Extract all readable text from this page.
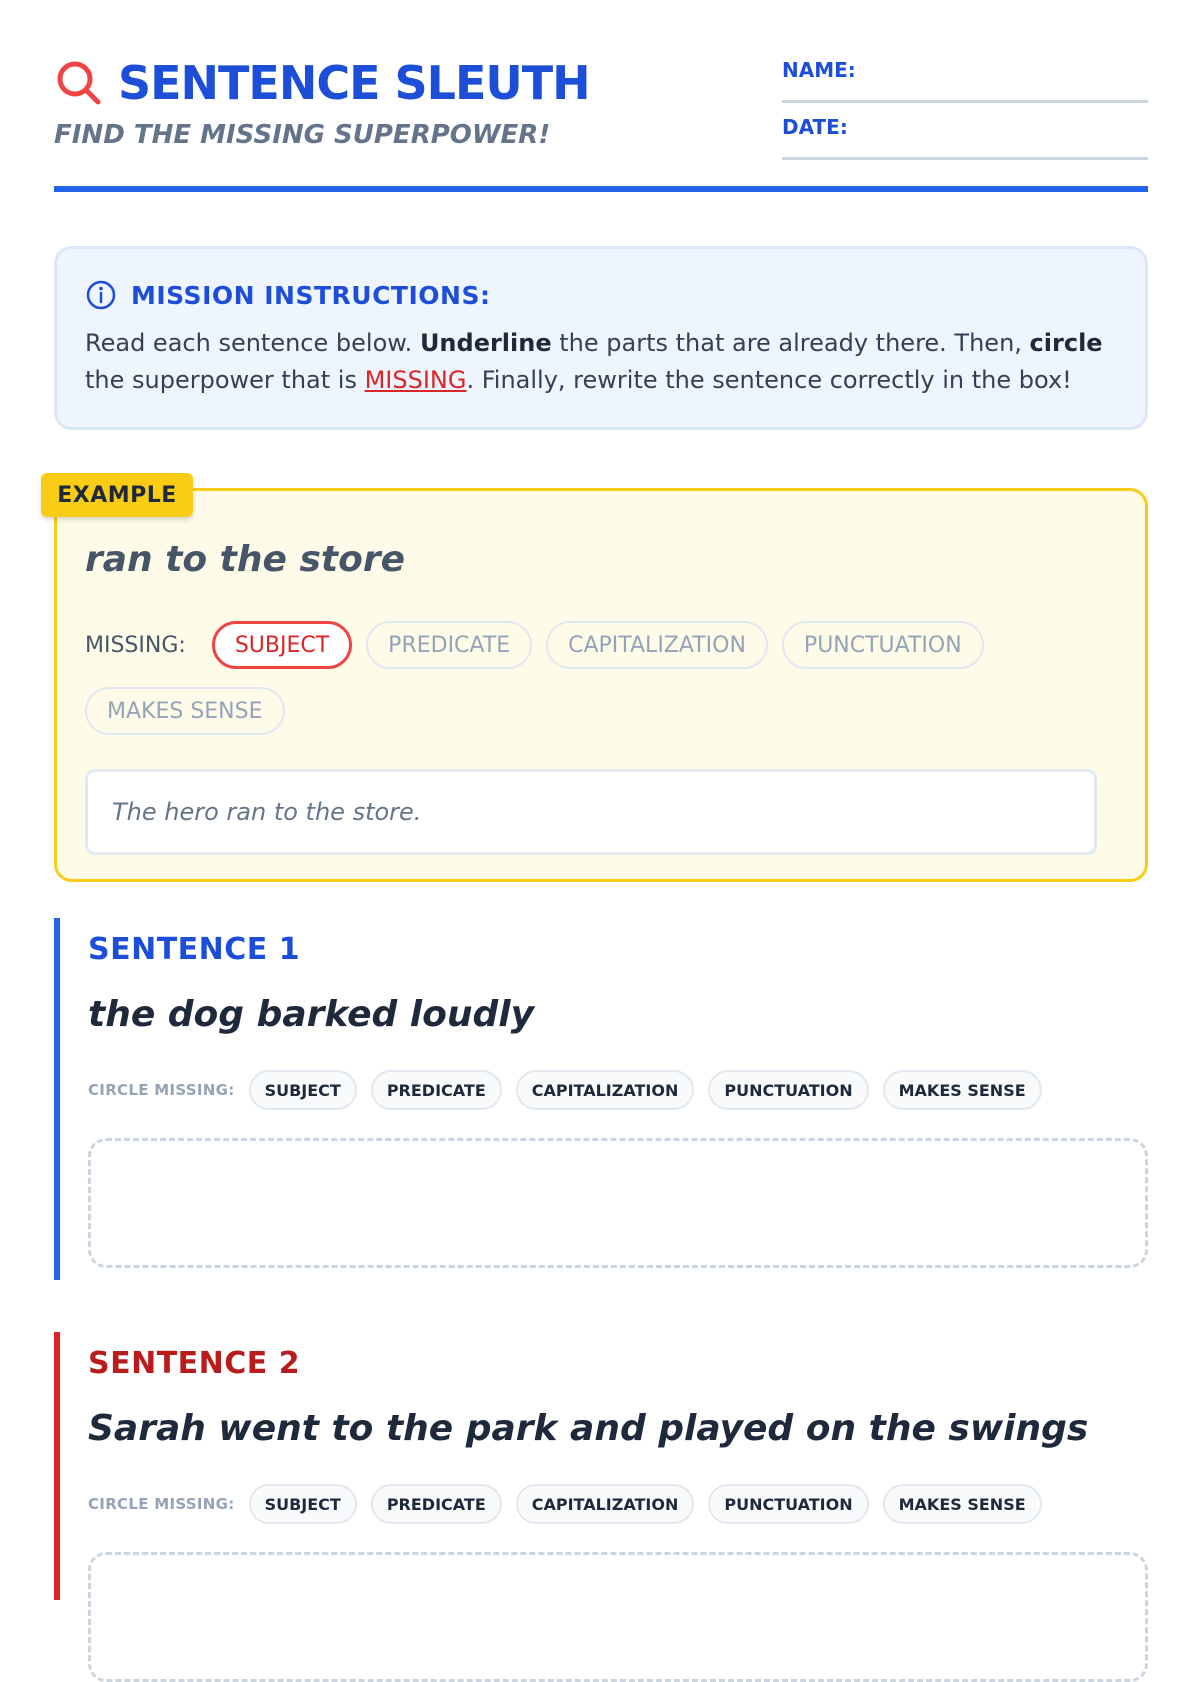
SENTENCE SLEUTH
FIND THE MISSING SUPERPOWER!
NAME:
DATE:
MISSION INSTRUCTIONS:
Read each sentence below. Underline the parts that are already there. Then, circle the superpower that is MISSING. Finally, rewrite the sentence correctly in the box!
EXAMPLE
ran to the store
MISSING:	SUBJECT	PREDICATE	CAPITALIZATION	PUNCTUATION
MAKES SENSE
The hero ran to the store.
SENTENCE 1
the dog barked loudly
CIRCLE MISSING:	SUBJECT	PREDICATE	CAPITALIZATION	PUNCTUATION	MAKES SENSE
SENTENCE 2
Sarah went to the park and played on the swings
CIRCLE MISSING:	SUBJECT	PREDICATE	CAPITALIZATION	PUNCTUATION	MAKES SENSE
